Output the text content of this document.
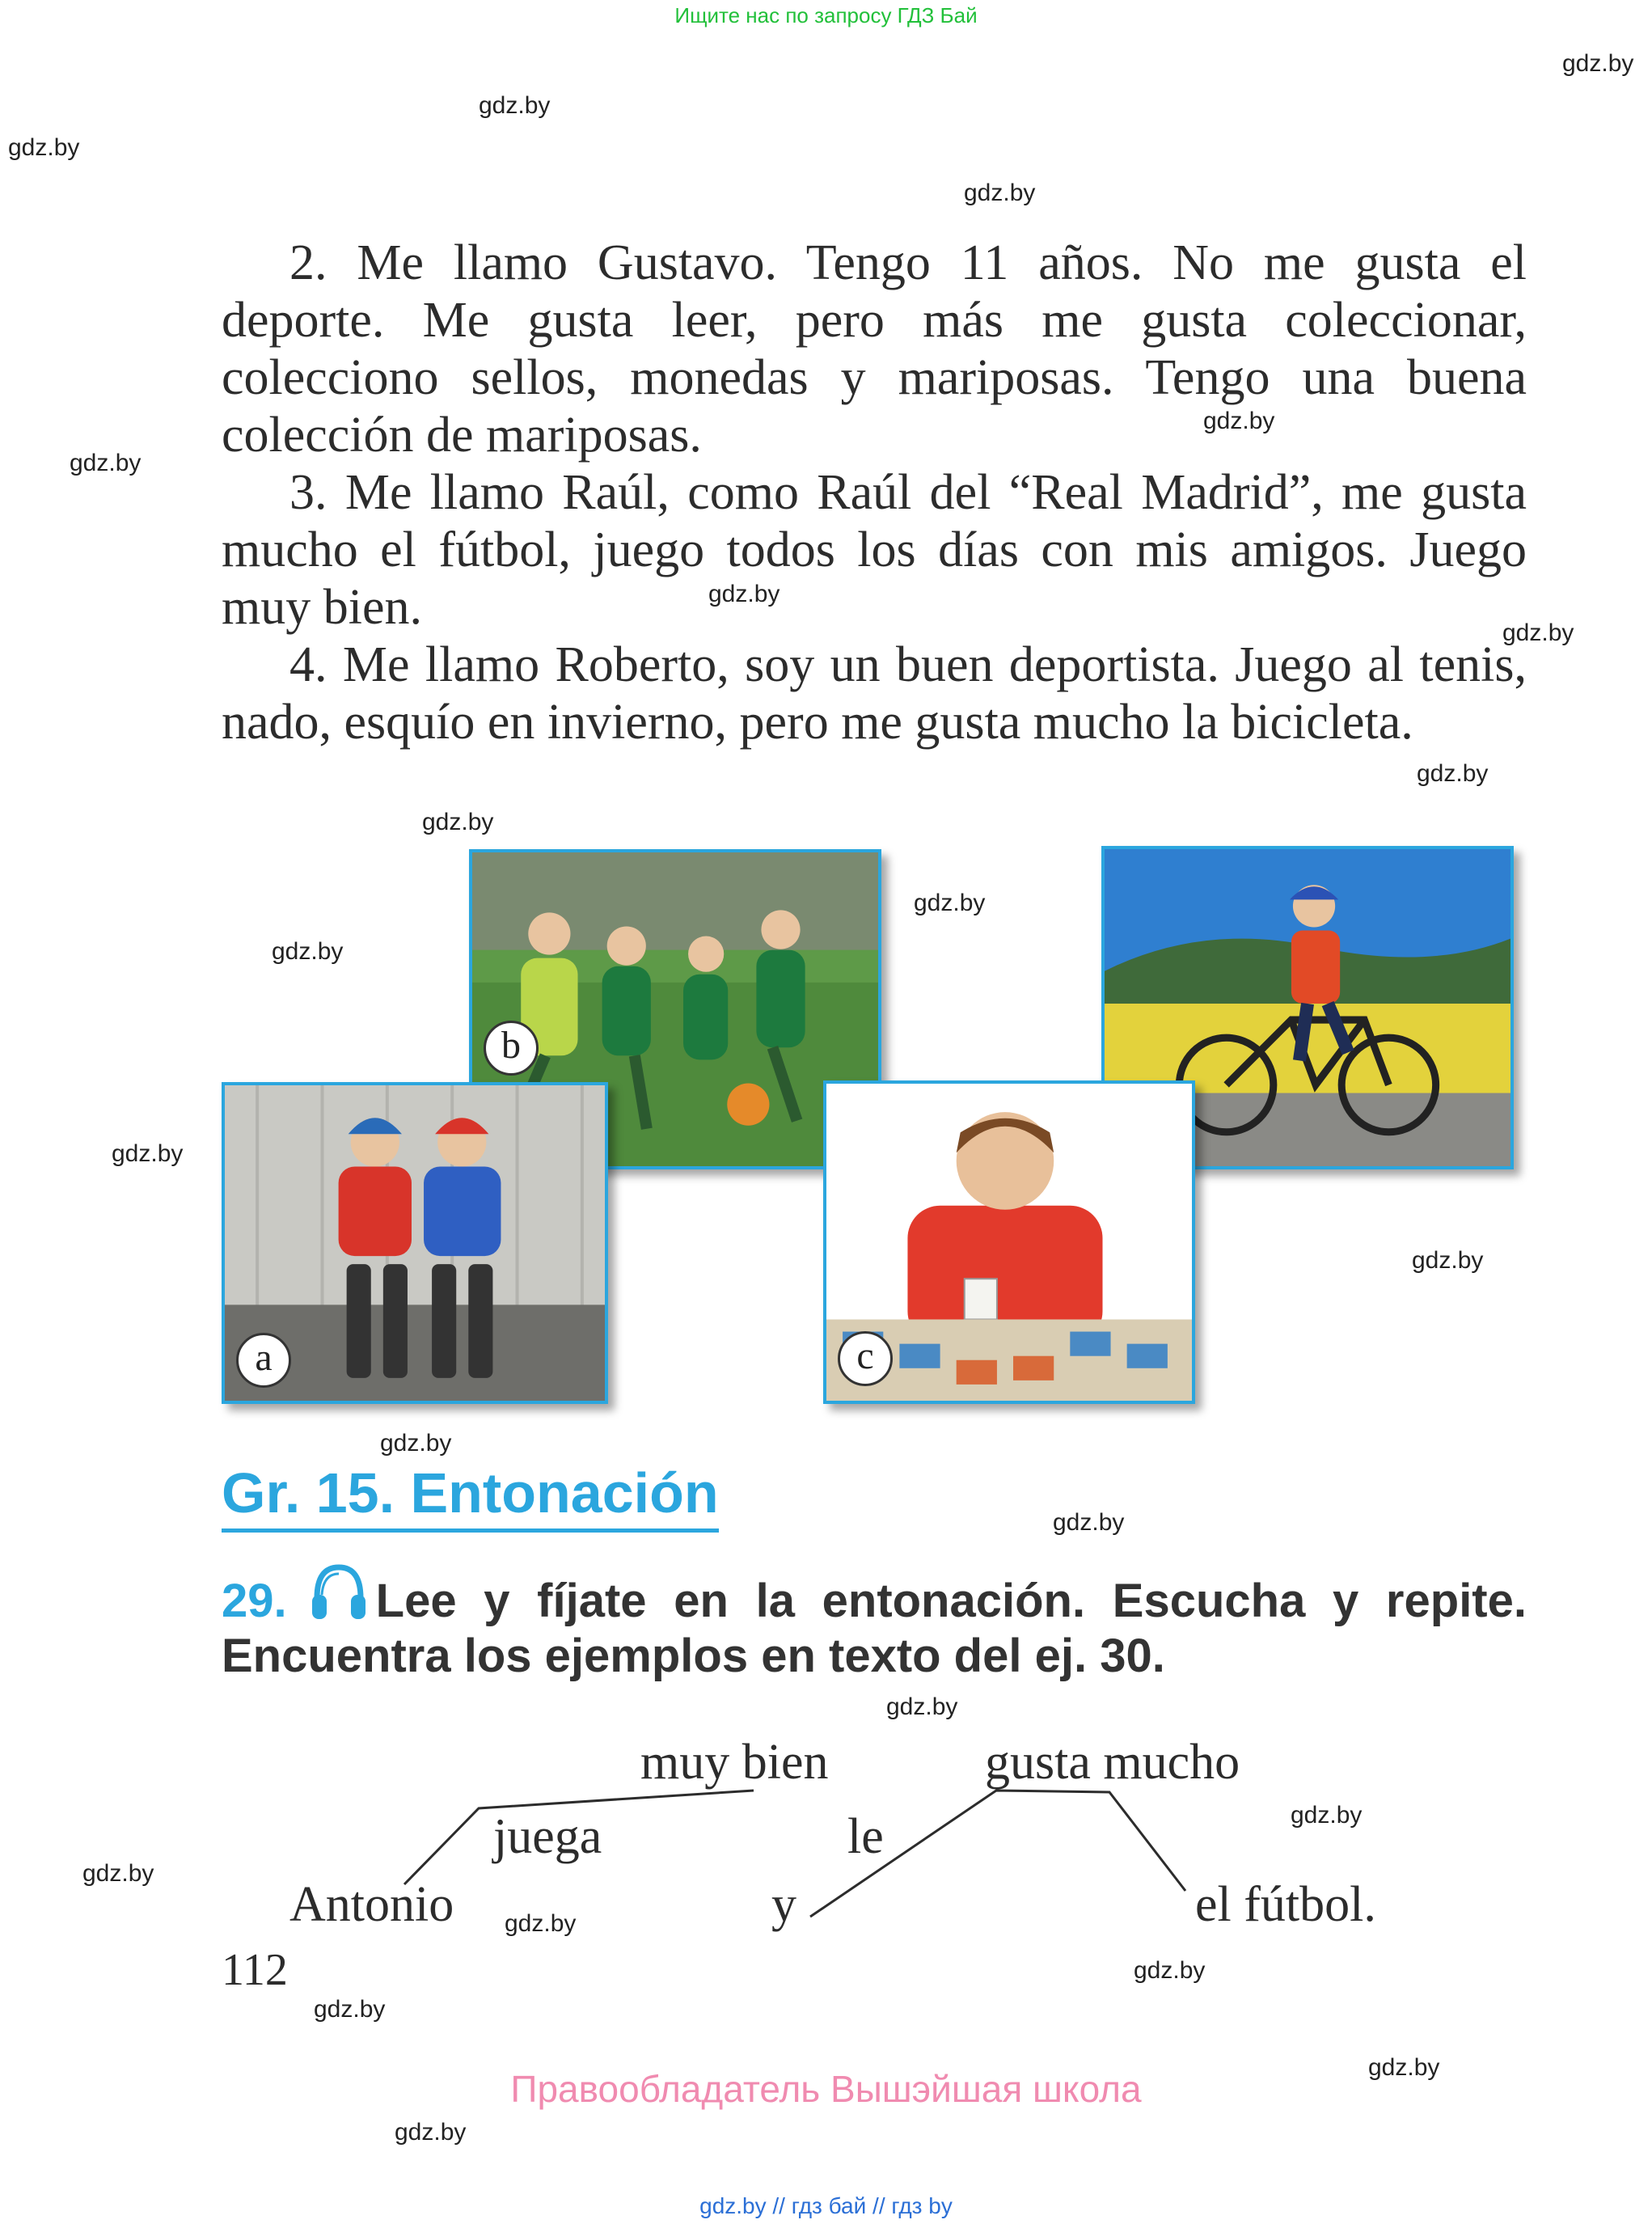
Ищите нас по запросу ГДЗ Бай
gdz.by
gdz.by
gdz.by
gdz.by
gdz.by
gdz.by
gdz.by
gdz.by
gdz.by
gdz.by
gdz.by
gdz.by
gdz.by
gdz.by
gdz.by
gdz.by
gdz.by
gdz.by
gdz.by
gdz.by
gdz.by
gdz.by
gdz.by
gdz.by

2. Me llamo Gustavo. Tengo 11 años. No me gusta el deporte. Me gusta leer, pero más me gusta coleccionar, colecciono sellos, monedas y mariposas. Tengo una buena colección de mariposas.

3. Me llamo Raúl, como Raúl del “Real Madrid”, me gusta mucho el fútbol, juego todos los días con mis amigos. Juego muy bien.

4. Me llamo Roberto, soy un buen deportista. Juego al tenis, nado, esquío en invierno, pero me gusta mucho la bicicleta.

b
a	c
Gr. 15. Entonación
29. Lee y fíjate en la entonación. Escucha y repite. Encuentra los ejemplos en texto del ej. 30.
muy bien	gusta mucho
juega	le
Antonio	y	el fútbol.
112
Правообладатель Вышэйшая школа
gdz.by // гдз бай // гдз by
